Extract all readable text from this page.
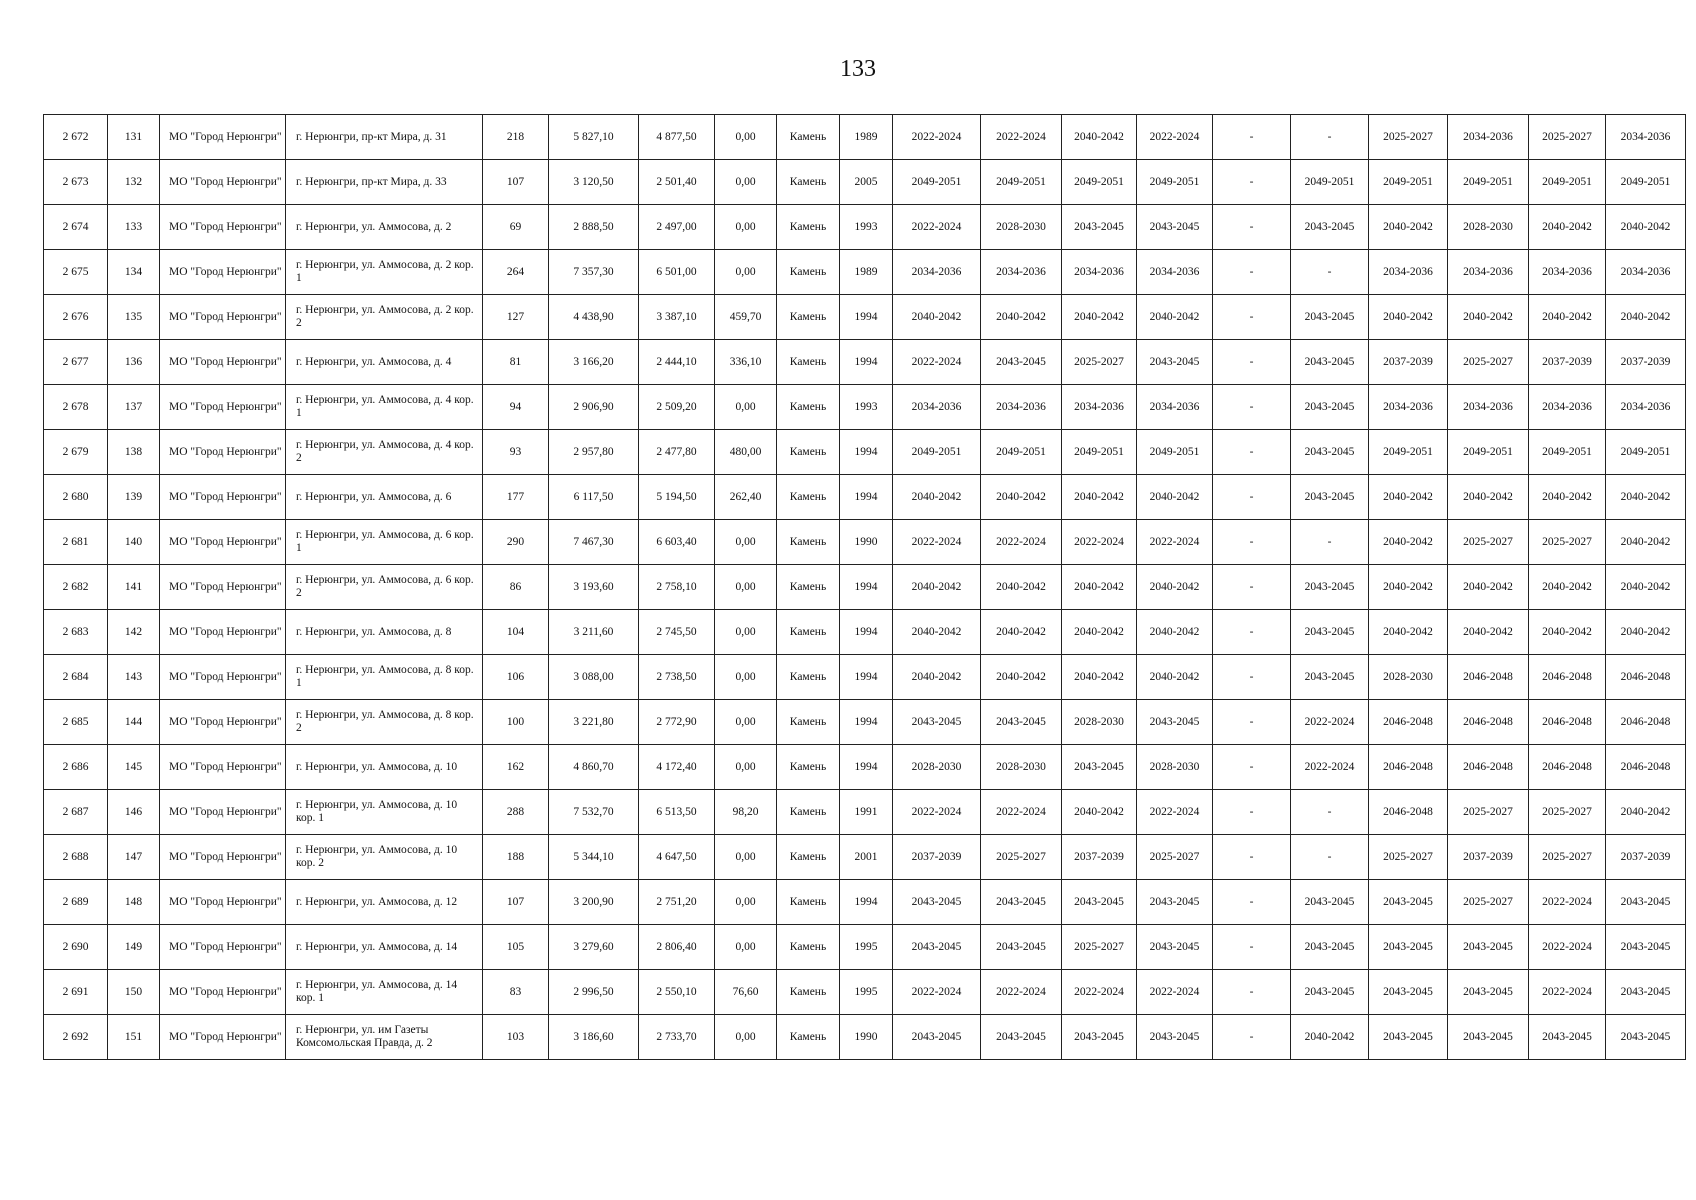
133
2 672	131	МО "Город Нерюнгри"	г. Нерюнгри, пр-кт Мира, д. 31	218	5 827,10	4 877,50	0,00	Камень	1989	2022-2024	2022-2024	2040-2042	2022-2024	-	-	2025-2027	2034-2036	2025-2027	2034-2036
2 673	132	МО "Город Нерюнгри"	г. Нерюнгри, пр-кт Мира, д. 33	107	3 120,50	2 501,40	0,00	Камень	2005	2049-2051	2049-2051	2049-2051	2049-2051	-	2049-2051	2049-2051	2049-2051	2049-2051	2049-2051
2 674	133	МО "Город Нерюнгри"	г. Нерюнгри, ул. Аммосова, д. 2	69	2 888,50	2 497,00	0,00	Камень	1993	2022-2024	2028-2030	2043-2045	2043-2045	-	2043-2045	2040-2042	2028-2030	2040-2042	2040-2042
2 675	134	МО "Город Нерюнгри"	г. Нерюнгри, ул. Аммосова, д. 2 кор. 1	264	7 357,30	6 501,00	0,00	Камень	1989	2034-2036	2034-2036	2034-2036	2034-2036	-	-	2034-2036	2034-2036	2034-2036	2034-2036
2 676	135	МО "Город Нерюнгри"	г. Нерюнгри, ул. Аммосова, д. 2 кор. 2	127	4 438,90	3 387,10	459,70	Камень	1994	2040-2042	2040-2042	2040-2042	2040-2042	-	2043-2045	2040-2042	2040-2042	2040-2042	2040-2042
2 677	136	МО "Город Нерюнгри"	г. Нерюнгри, ул. Аммосова, д. 4	81	3 166,20	2 444,10	336,10	Камень	1994	2022-2024	2043-2045	2025-2027	2043-2045	-	2043-2045	2037-2039	2025-2027	2037-2039	2037-2039
2 678	137	МО "Город Нерюнгри"	г. Нерюнгри, ул. Аммосова, д. 4 кор. 1	94	2 906,90	2 509,20	0,00	Камень	1993	2034-2036	2034-2036	2034-2036	2034-2036	-	2043-2045	2034-2036	2034-2036	2034-2036	2034-2036
2 679	138	МО "Город Нерюнгри"	г. Нерюнгри, ул. Аммосова, д. 4 кор. 2	93	2 957,80	2 477,80	480,00	Камень	1994	2049-2051	2049-2051	2049-2051	2049-2051	-	2043-2045	2049-2051	2049-2051	2049-2051	2049-2051
2 680	139	МО "Город Нерюнгри"	г. Нерюнгри, ул. Аммосова, д. 6	177	6 117,50	5 194,50	262,40	Камень	1994	2040-2042	2040-2042	2040-2042	2040-2042	-	2043-2045	2040-2042	2040-2042	2040-2042	2040-2042
2 681	140	МО "Город Нерюнгри"	г. Нерюнгри, ул. Аммосова, д. 6 кор. 1	290	7 467,30	6 603,40	0,00	Камень	1990	2022-2024	2022-2024	2022-2024	2022-2024	-	-	2040-2042	2025-2027	2025-2027	2040-2042
2 682	141	МО "Город Нерюнгри"	г. Нерюнгри, ул. Аммосова, д. 6 кор. 2	86	3 193,60	2 758,10	0,00	Камень	1994	2040-2042	2040-2042	2040-2042	2040-2042	-	2043-2045	2040-2042	2040-2042	2040-2042	2040-2042
2 683	142	МО "Город Нерюнгри"	г. Нерюнгри, ул. Аммосова, д. 8	104	3 211,60	2 745,50	0,00	Камень	1994	2040-2042	2040-2042	2040-2042	2040-2042	-	2043-2045	2040-2042	2040-2042	2040-2042	2040-2042
2 684	143	МО "Город Нерюнгри"	г. Нерюнгри, ул. Аммосова, д. 8 кор. 1	106	3 088,00	2 738,50	0,00	Камень	1994	2040-2042	2040-2042	2040-2042	2040-2042	-	2043-2045	2028-2030	2046-2048	2046-2048	2046-2048
2 685	144	МО "Город Нерюнгри"	г. Нерюнгри, ул. Аммосова, д. 8 кор. 2	100	3 221,80	2 772,90	0,00	Камень	1994	2043-2045	2043-2045	2028-2030	2043-2045	-	2022-2024	2046-2048	2046-2048	2046-2048	2046-2048
2 686	145	МО "Город Нерюнгри"	г. Нерюнгри, ул. Аммосова, д. 10	162	4 860,70	4 172,40	0,00	Камень	1994	2028-2030	2028-2030	2043-2045	2028-2030	-	2022-2024	2046-2048	2046-2048	2046-2048	2046-2048
2 687	146	МО "Город Нерюнгри"	г. Нерюнгри, ул. Аммосова, д. 10 кор. 1	288	7 532,70	6 513,50	98,20	Камень	1991	2022-2024	2022-2024	2040-2042	2022-2024	-	-	2046-2048	2025-2027	2025-2027	2040-2042
2 688	147	МО "Город Нерюнгри"	г. Нерюнгри, ул. Аммосова, д. 10 кор. 2	188	5 344,10	4 647,50	0,00	Камень	2001	2037-2039	2025-2027	2037-2039	2025-2027	-	-	2025-2027	2037-2039	2025-2027	2037-2039
2 689	148	МО "Город Нерюнгри"	г. Нерюнгри, ул. Аммосова, д. 12	107	3 200,90	2 751,20	0,00	Камень	1994	2043-2045	2043-2045	2043-2045	2043-2045	-	2043-2045	2043-2045	2025-2027	2022-2024	2043-2045
2 690	149	МО "Город Нерюнгри"	г. Нерюнгри, ул. Аммосова, д. 14	105	3 279,60	2 806,40	0,00	Камень	1995	2043-2045	2043-2045	2025-2027	2043-2045	-	2043-2045	2043-2045	2043-2045	2022-2024	2043-2045
2 691	150	МО "Город Нерюнгри"	г. Нерюнгри, ул. Аммосова, д. 14 кор. 1	83	2 996,50	2 550,10	76,60	Камень	1995	2022-2024	2022-2024	2022-2024	2022-2024	-	2043-2045	2043-2045	2043-2045	2022-2024	2043-2045
2 692	151	МО "Город Нерюнгри"	г. Нерюнгри, ул. им Газеты Комсомольская Правда, д. 2	103	3 186,60	2 733,70	0,00	Камень	1990	2043-2045	2043-2045	2043-2045	2043-2045	-	2040-2042	2043-2045	2043-2045	2043-2045	2043-2045
